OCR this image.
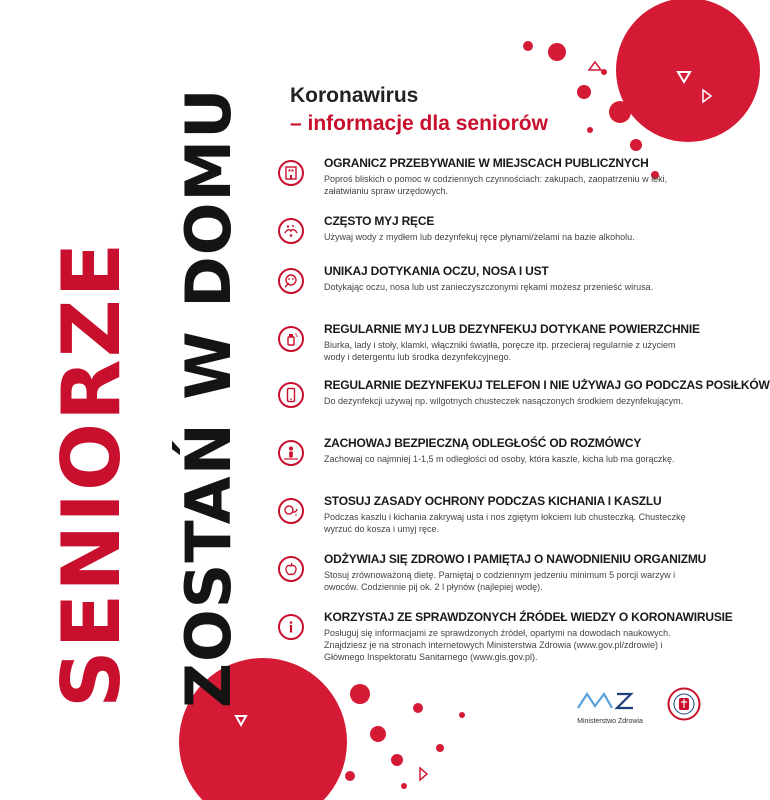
SENIORZE ZOSTAŃ W DOMU Koronawirus
– informacje dla seniorów
OGRANICZ PRZEBYWANIE W MIEJSCACH PUBLICZNYCH
Poproś bliskich o pomoc w codziennych czynnościach: zakupach, zaopatrzeniu w leki, załatwianiu spraw urzędowych.
CZĘSTO MYJ RĘCE
Używaj wody z mydłem lub dezynfekuj ręce płynami/żelami na bazie alkoholu.
UNIKAJ DOTYKANIA OCZU, NOSA I UST
Dotykając oczu, nosa lub ust zanieczyszczonymi rękami możesz przenieść wirusa.
REGULARNIE MYJ LUB DEZYNFEKUJ DOTYKANE POWIERZCHNIE
Biurka, lady i stoły, klamki, włączniki światła, poręcze itp. przecieraj regularnie z użyciem wody i detergentu lub środka dezynfekcyjnego.
REGULARNIE DEZYNFEKUJ TELEFON I NIE UŻYWAJ GO PODCZAS POSIŁKÓW
Do dezynfekcji używaj np. wilgotnych chusteczek nasączonych środkiem dezynfekującym.
ZACHOWAJ BEZPIECZNĄ ODLEGŁOŚĆ OD ROZMÓWCY
Zachowaj co najmniej 1-1,5 m odległości od osoby, która kaszle, kicha lub ma gorączkę.
STOSUJ ZASADY OCHRONY PODCZAS KICHANIA I KASZLU
Podczas kaszlu i kichania zakrywaj usta i nos zgiętym łokciem lub chusteczką. Chusteczkę wyrzuć do kosza i umyj ręce.
ODŻYWIAJ SIĘ ZDROWO I PAMIĘTAJ O NAWODNIENIU ORGANIZMU
Stosuj zrównoważoną dietę. Pamiętaj o codziennym jedzeniu minimum 5 porcji warzyw i owoców. Codziennie pij ok. 2 l płynów (najlepiej wodę).
KORZYSTAJ ZE SPRAWDZONYCH ŹRÓDEŁ WIEDZY O KORONAWIRUSIE
Posługuj się informacjami ze sprawdzonych źródeł, opartymi na dowodach naukowych. Znajdziesz je na stronach internetowych Ministerstwa Zdrowia (www.gov.pl/zdrowie) i Głównego Inspektoratu Sanitarnego (www.gis.gov.pl).
Ministerstwo Zdrowia
